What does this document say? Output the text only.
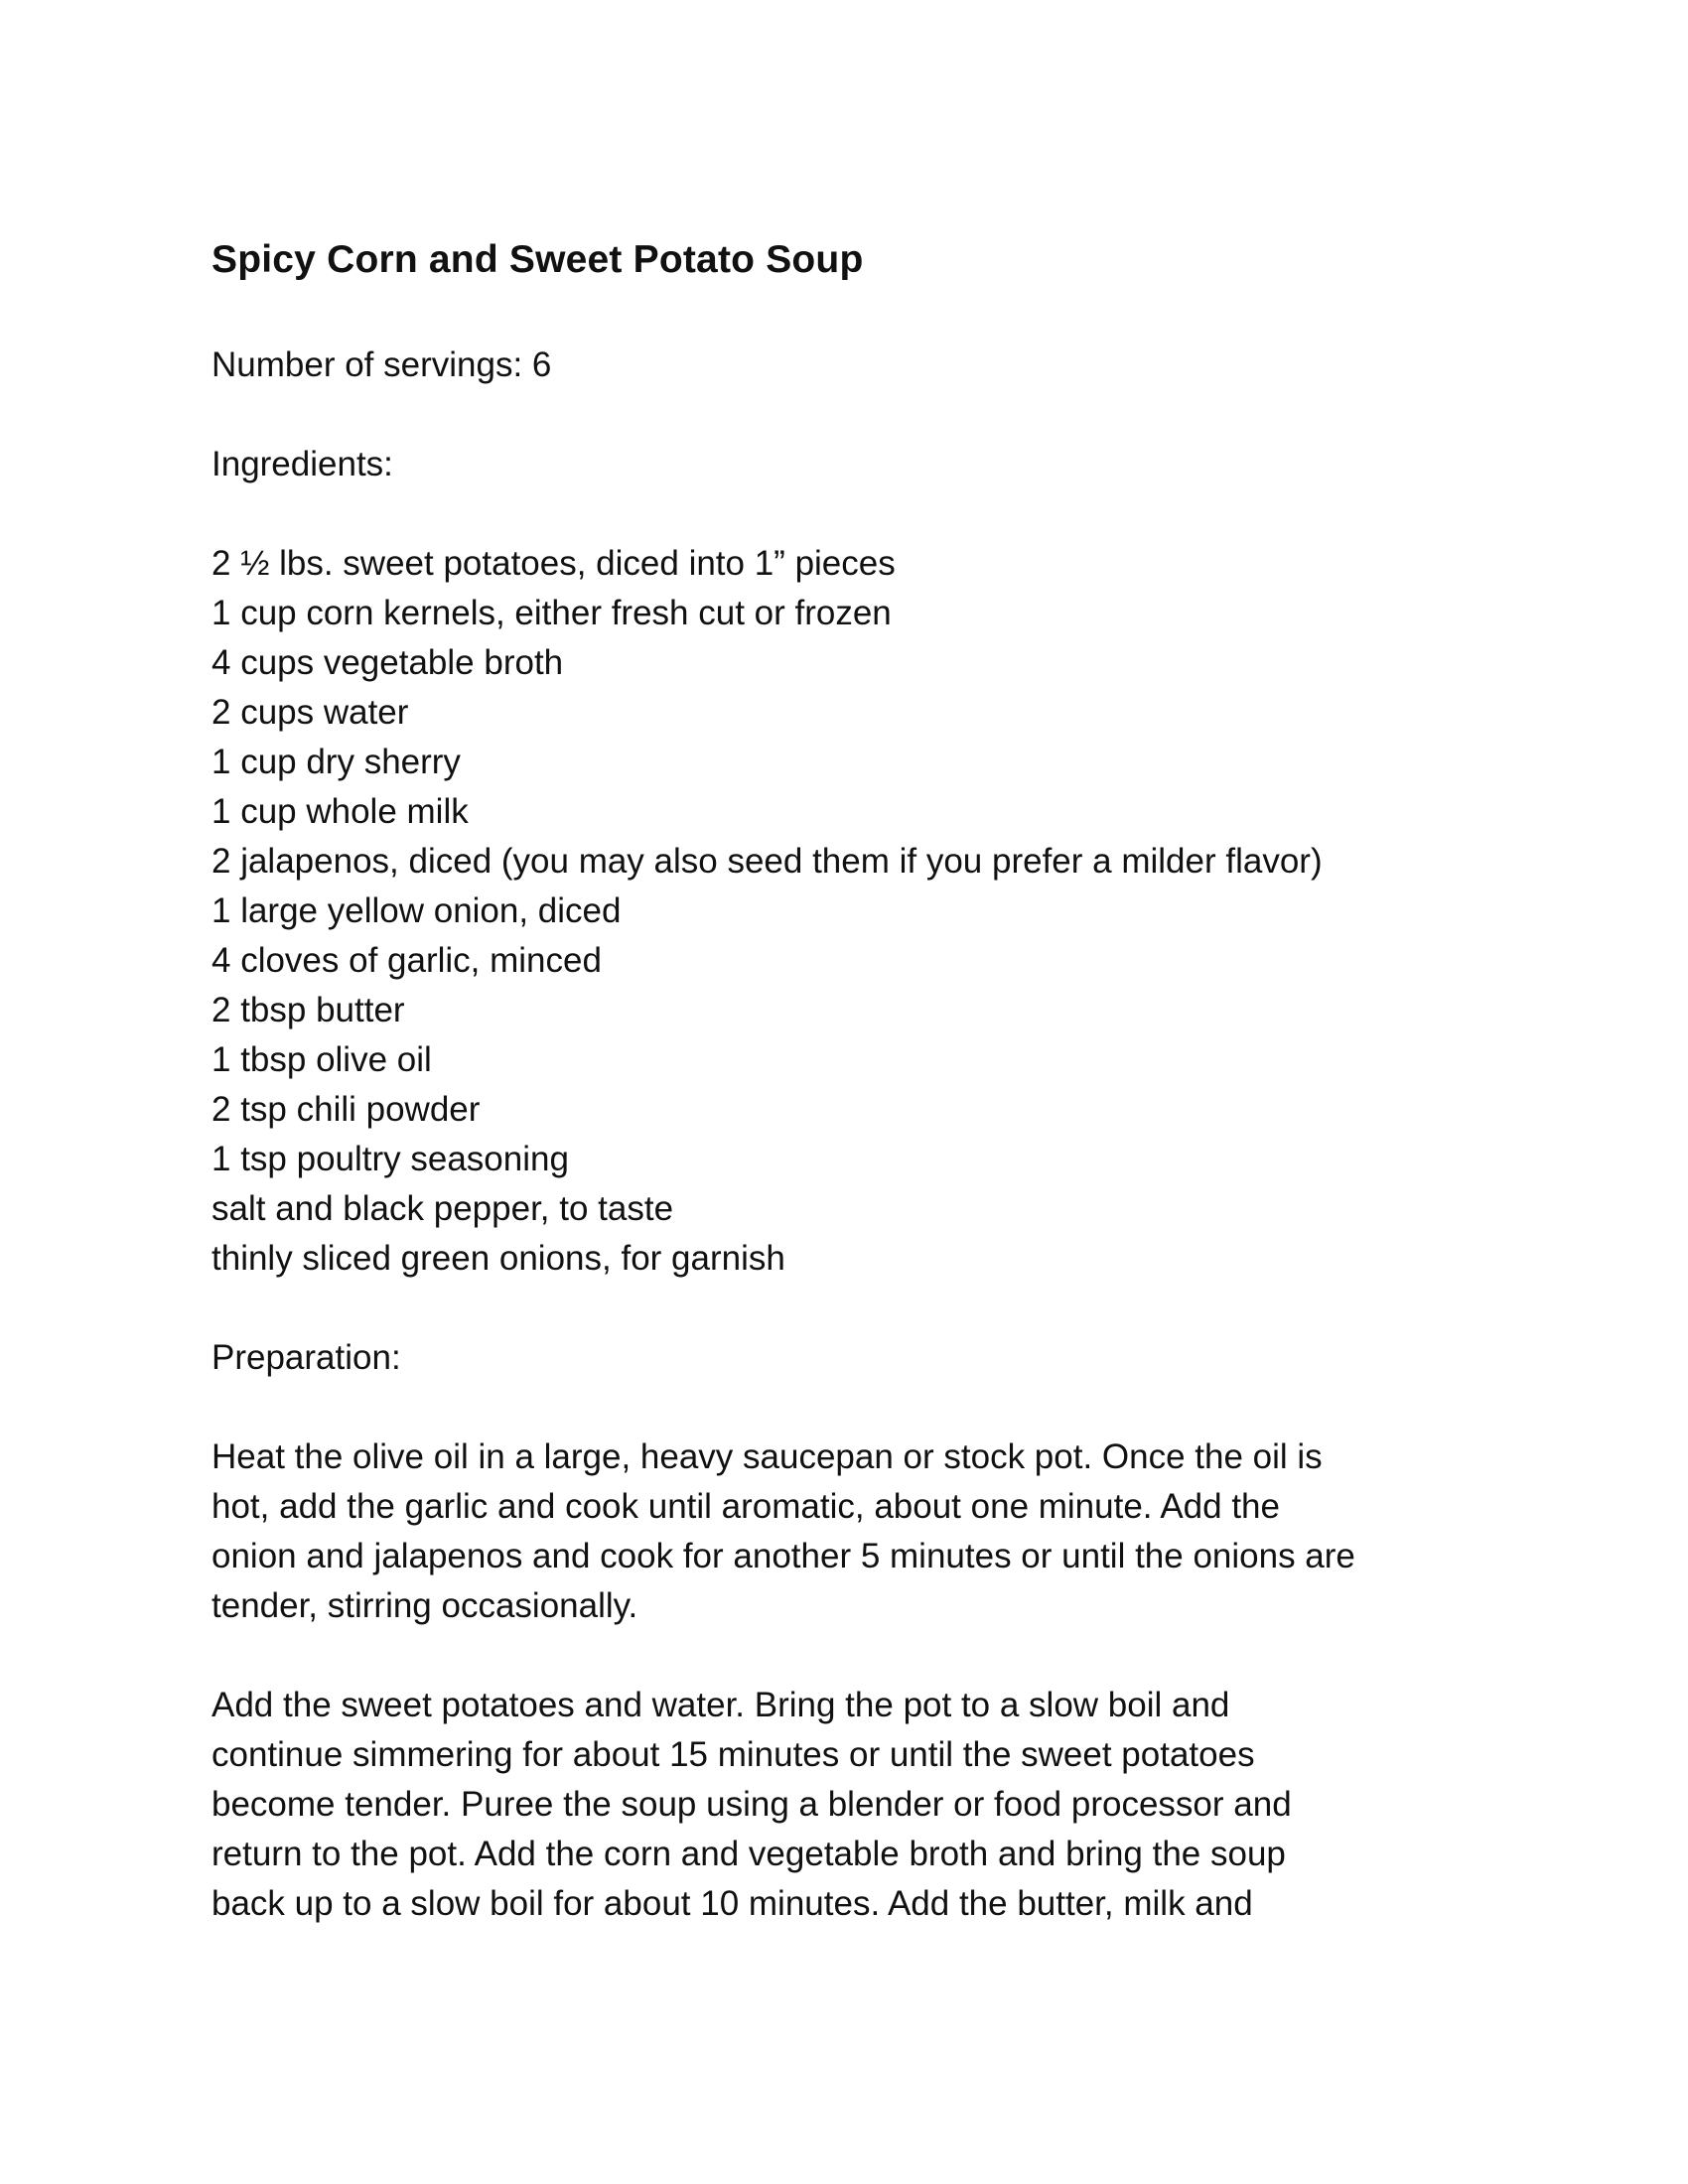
Spicy Corn and Sweet Potato Soup

Number of servings: 6

Ingredients:

2 ½ lbs. sweet potatoes, diced into 1” pieces
1 cup corn kernels, either fresh cut or frozen
4 cups vegetable broth
2 cups water
1 cup dry sherry
1 cup whole milk
2 jalapenos, diced (you may also seed them if you prefer a milder flavor)
1 large yellow onion, diced
4 cloves of garlic, minced
2 tbsp butter
1 tbsp olive oil
2 tsp chili powder
1 tsp poultry seasoning
salt and black pepper, to taste
thinly sliced green onions, for garnish

Preparation:

Heat the olive oil in a large, heavy saucepan or stock pot. Once the oil is
hot, add the garlic and cook until aromatic, about one minute. Add the
onion and jalapenos and cook for another 5 minutes or until the onions are
tender, stirring occasionally.
Add the sweet potatoes and water. Bring the pot to a slow boil and
continue simmering for about 15 minutes or until the sweet potatoes
become tender. Puree the soup using a blender or food processor and
return to the pot. Add the corn and vegetable broth and bring the soup
back up to a slow boil for about 10 minutes. Add the butter, milk and
